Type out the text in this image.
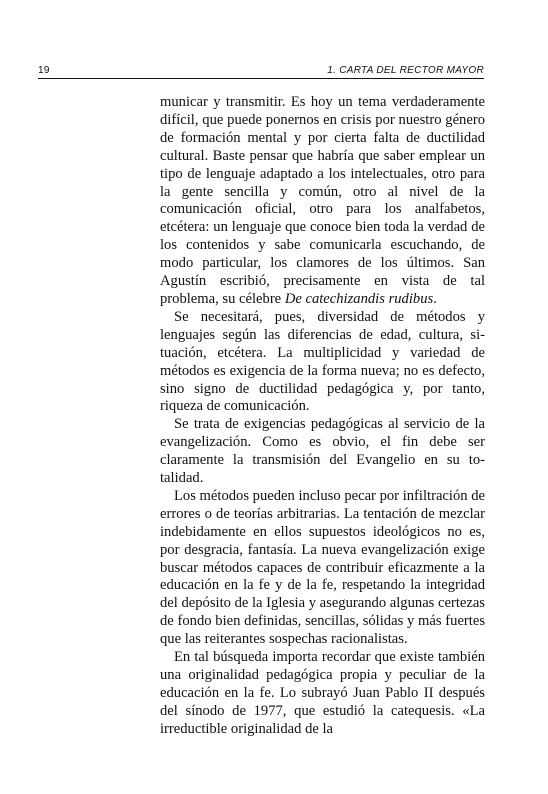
19	1. CARTA DEL RECTOR MAYOR

municar y transmitir. Es hoy un tema verdaderamente difícil, que puede ponernos en crisis por nuestro género de formación mental y por cierta falta de ductilidad cultural. Baste pensar que habría que saber emplear un tipo de lenguaje adaptado a los intelectuales, otro para la gente sencilla y común, otro al nivel de la comunicación oficial, otro para los analfabetos, etcétera: un lenguaje que conoce bien toda la verdad de los contenidos y sabe comunicarla escuchando, de modo particular, los clamores de los últimos. San Agustín escribió, precisamente en vista de tal problema, su célebre De catechizandis rudibus.

Se necesitará, pues, diversidad de métodos y lenguajes según las diferencias de edad, cultura, situación, etcétera. La multiplicidad y variedad de métodos es exigencia de la forma nueva; no es defecto, sino signo de ductilidad pedagógica y, por tanto, riqueza de comunicación.

Se trata de exigencias pedagógicas al servicio de la evangelización. Como es obvio, el fin debe ser claramente la transmisión del Evangelio en su totalidad.

Los métodos pueden incluso pecar por infiltración de errores o de teorías arbitrarias. La tentación de mezclar indebidamente en ellos supuestos ideológicos no es, por desgracia, fantasía. La nueva evangelización exige buscar métodos capaces de contribuir eficazmente a la educación en la fe y de la fe, respetando la integridad del depósito de la Iglesia y asegurando algunas certezas de fondo bien definidas, sencillas, sólidas y más fuertes que las reiterantes sospechas racionalistas.

En tal búsqueda importa recordar que existe también una originalidad pedagógica propia y peculiar de la educación en la fe. Lo subrayó Juan Pablo II después del sínodo de 1977, que estudió la catequesis. «La irreductible originalidad de la
